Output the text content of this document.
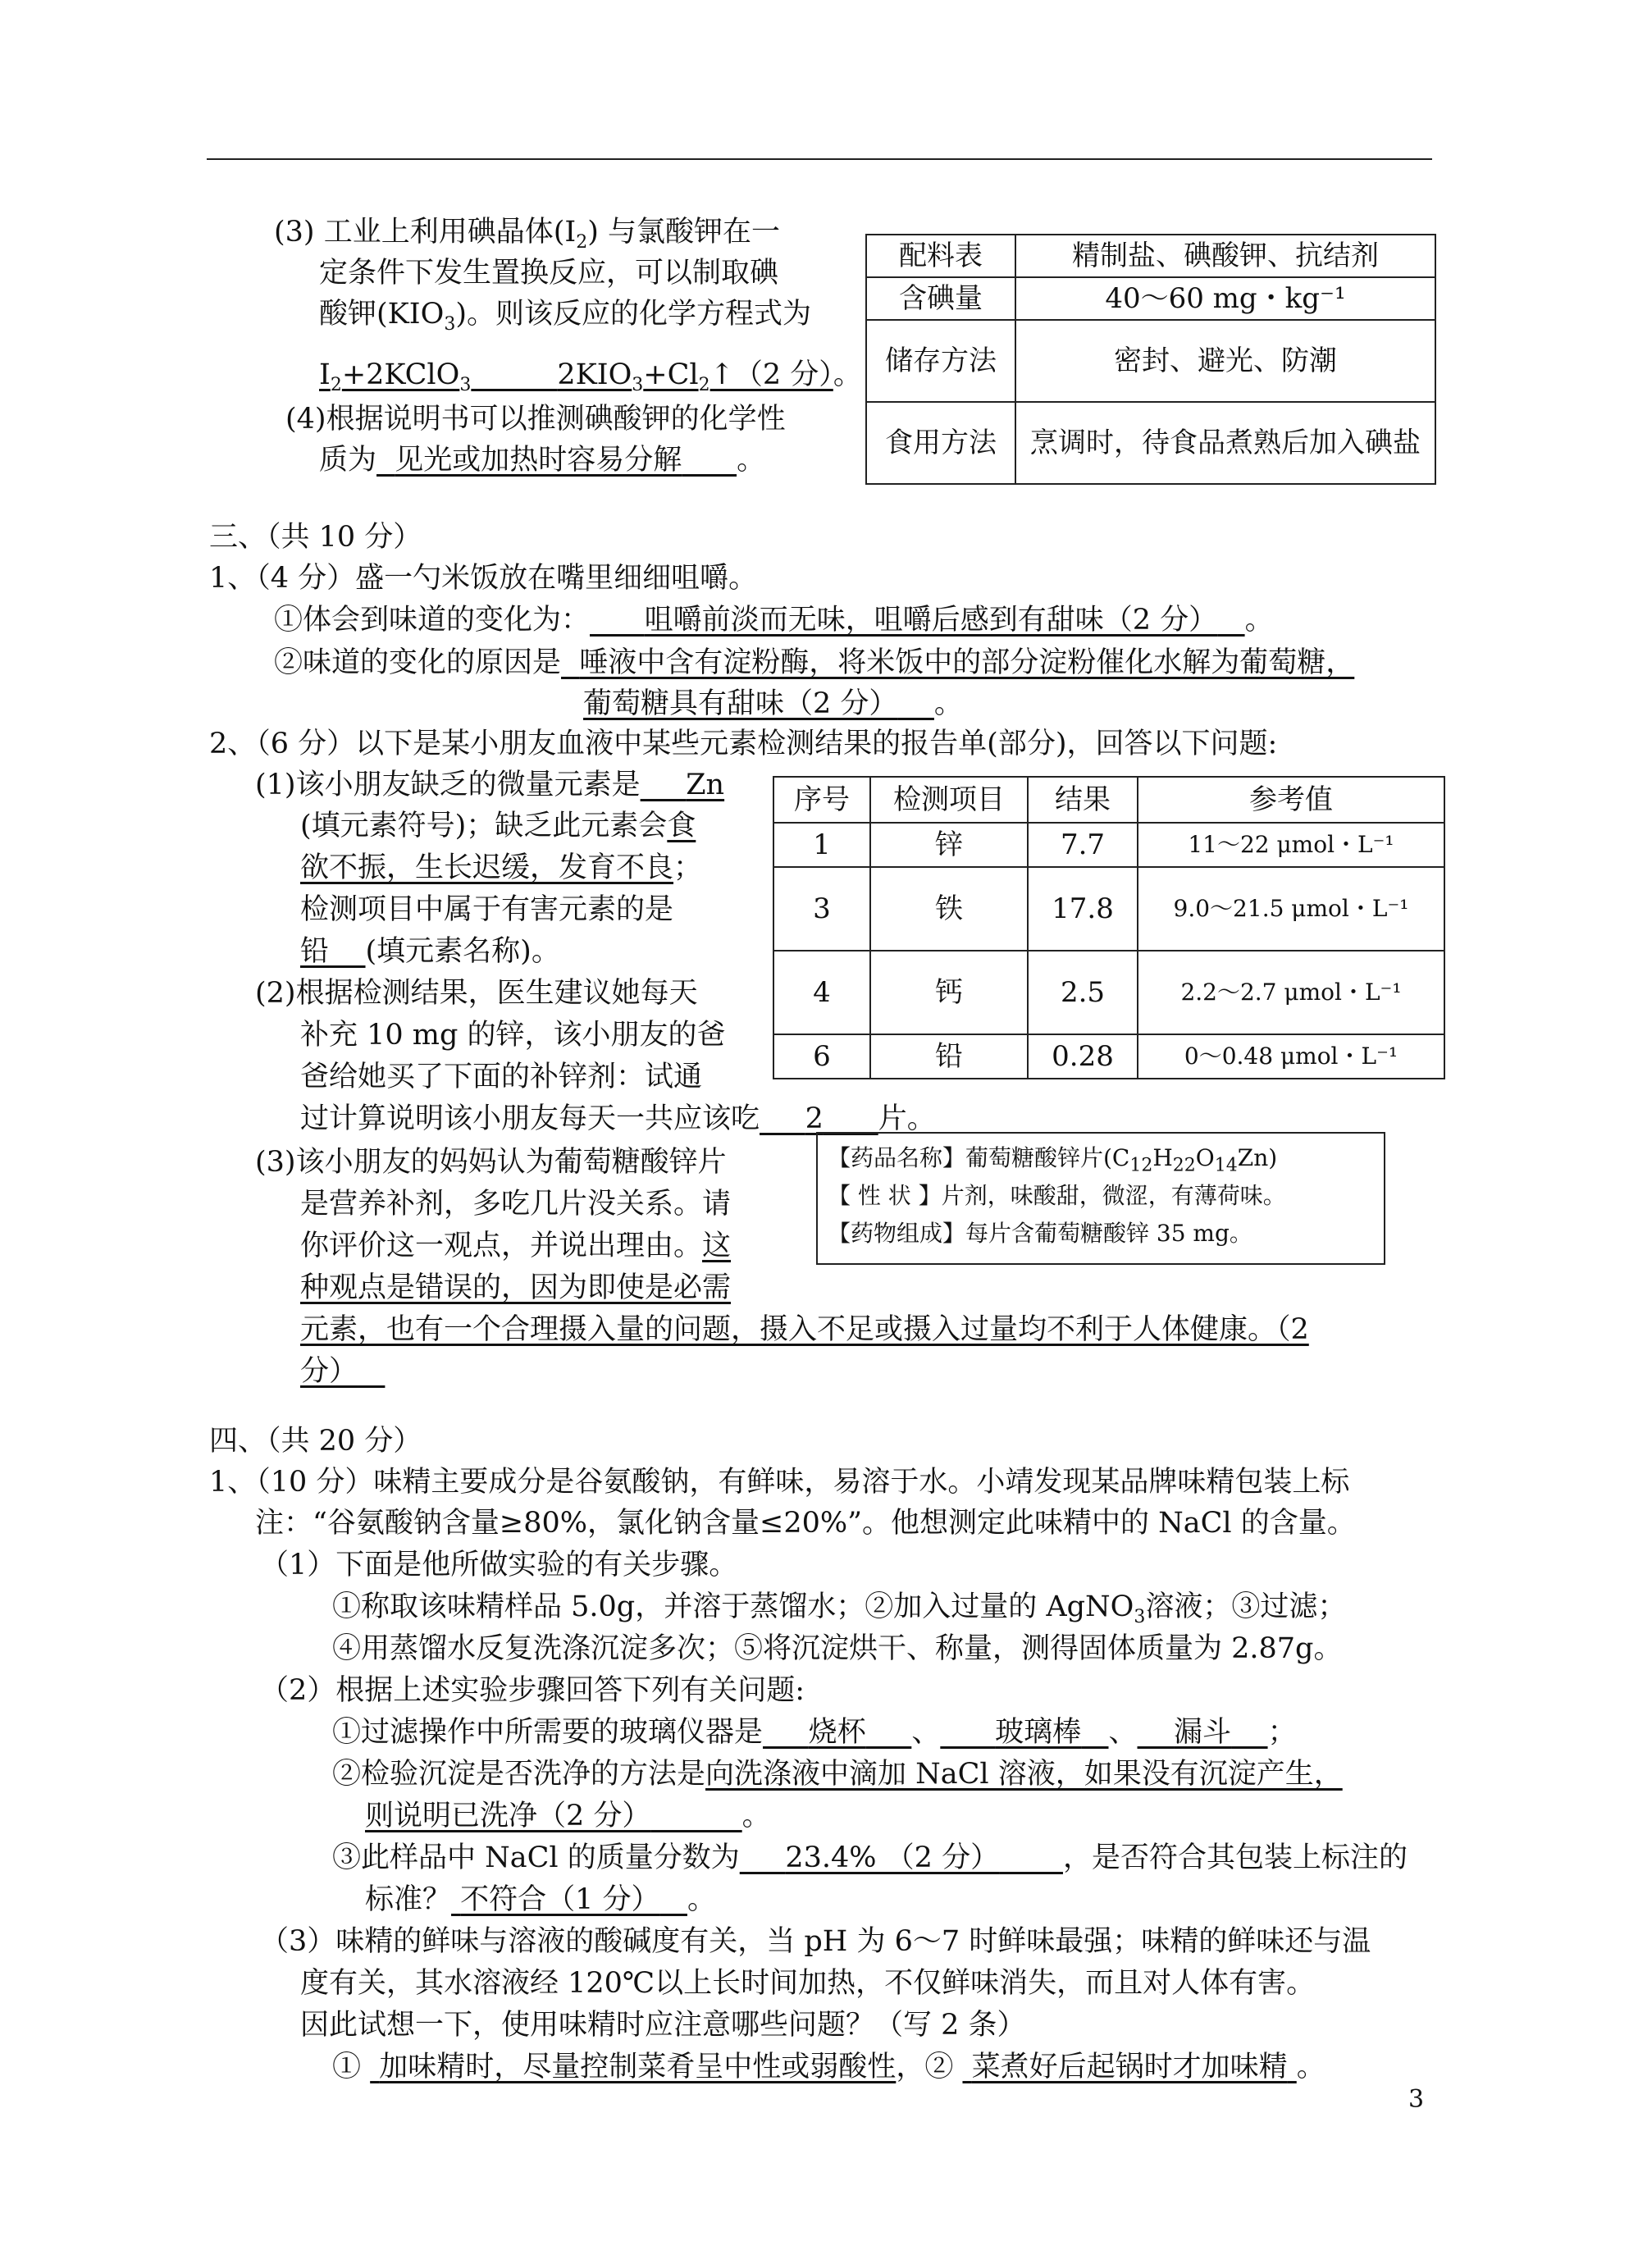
(3) 工业上利用碘晶体$(I_2)$ 与氯酸钾在一
定条件下发生置换反应，可以制取碘
酸钾$(KIO_3)$。则该反应的化学方程式为
$I_2+2KClO_3$　　 	$2KIO_3+Cl_2↑(2$ 分）。
(4)根据说明书可以推测碘酸钾的化学性
质为 见光或加热时容易分解 。
配料表	精制盐、碘酸钾、抗结剂
含碘量	40～60 mg・kg⁻¹
储存方法	密封、避光、防潮
食用方法	烹调时，待食品煮熟后加入碘盐
三、（共 10 分）
1、（4 分）盛一勺米饭放在嘴里细细咀嚼。
①体会到味道的变化为： 咀嚼前淡而无味，咀嚼后感到有甜味（2 分） 。
②味道的变化的原因是 唾液中含有淀粉酶，将米饭中的部分淀粉催化水解为葡萄糖，
葡萄糖具有甜味（2 分） 。
2、（6 分）以下是某小朋友血液中某些元素检测结果的报告单(部分)，回答以下问题:
(1)该小朋友缺乏的微量元素是 Zn
(填元素符号)；缺乏此元素会食
欲不振，生长迟缓，发育不良；
检测项目中属于有害元素的是
铅 (填元素名称)。
(2)根据检测结果，医生建议她每天
补充 10 mg 的锌，该小朋友的爸
爸给她买了下面的补锌剂：试通
过计算说明该小朋友每天一共应该吃 2 片。
序号	检测项目	结果	参考值
1	锌	7.7	11～22 μmol・L⁻¹
3	铁	17.8	9.0～21.5 μmol・L⁻¹
4	钙	2.5	2.2～2.7 μmol・L⁻¹
6	铅	0.28	0～0.48 μmol・L⁻¹
(3)该小朋友的妈妈认为葡萄糖酸锌片
是营养补剂，多吃几片没关系。请
你评价这一观点，并说出理由。这
种观点是错误的，因为即使是必需
元素，也有一个合理摄入量的问题，摄入不足或摄入过量均不利于人体健康。（2
分）
【药品名称】葡萄糖酸锌片$(C_{12}H_{22}O_{14}Zn)$
【 性 状 】片剂，味酸甜，微涩，有薄荷味。
【药物组成】每片含葡萄糖酸锌 35 mg。
四、（共 20 分）
1、（10 分）味精主要成分是谷氨酸钠，有鲜味，易溶于水。小靖发现某品牌味精包装上标
注：“谷氨酸钠含量≥80%，氯化钠含量≤20%”。他想测定此味精中的 NaCl 的含量。
（1）下面是他所做实验的有关步骤。
①称取该味精样品 5.0g，并溶于蒸馏水；②加入过量的 AgNO$_3$溶液；③过滤；
④用蒸馏水反复洗涤沉淀多次；⑤将沉淀烘干、称量，测得固体质量为 2.87g。
（2）根据上述实验步骤回答下列有关问题:
①过滤操作中所需要的玻璃仪器是 烧杯 、 玻璃棒 、 漏斗 ；
②检验沉淀是否洗净的方法是向洗涤液中滴加 NaCl 溶液，如果没有沉淀产生，
则说明已洗净（2 分）	。
③此样品中 NaCl 的质量分数为 23.4% （2 分） ，是否符合其包装上标注的
标准？ 不符合（1 分） 。
（3）味精的鲜味与溶液的酸碱度有关，当 pH 为 6～7 时鲜味最强；味精的鲜味还与温
度有关，其水溶液经 120℃以上长时间加热，不仅鲜味消失，而且对人体有害。
因此试想一下，使用味精时应注意哪些问题？（写 2 条）
① 加味精时，尽量控制菜肴呈中性或弱酸性，② 菜煮好后起锅时才加味精 。
3
